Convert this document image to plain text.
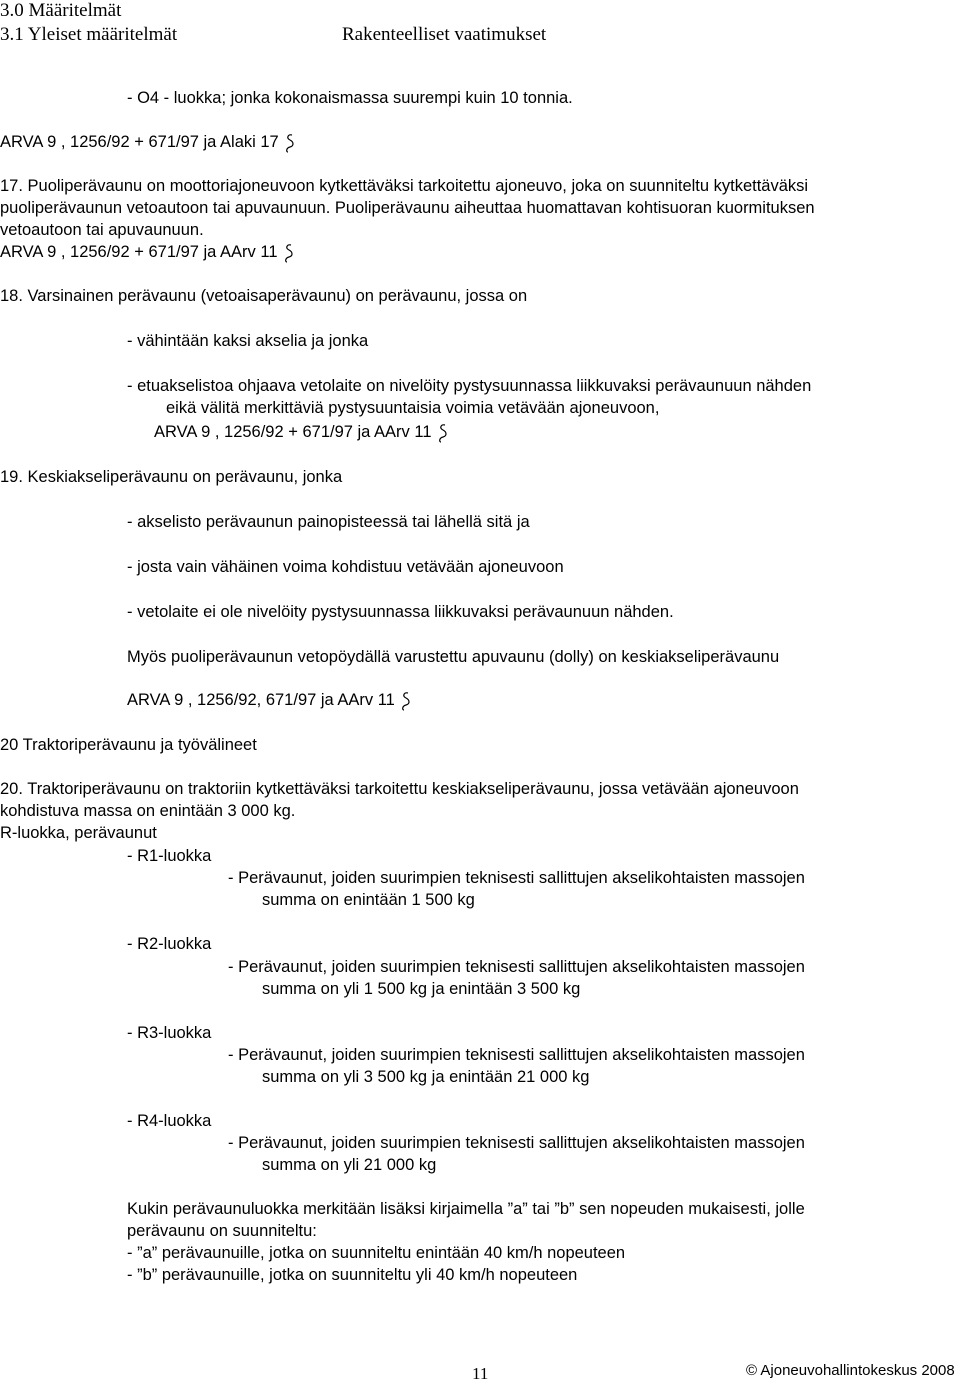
3.0 Määritelmät
3.1 Yleiset määritelmät	Rakenteelliset vaatimukset
- O4 - luokka; jonka kokonaismassa suurempi kuin 10 tonnia.
ARVA 9 , 1256/92 + 671/97 ja Alaki 17
17. Puoliperävaunu on moottoriajoneuvoon kytkettäväksi tarkoitettu ajoneuvo, joka on suunniteltu kytkettäväksi
puoliperävaunun vetoautoon tai apuvaunuun. Puoliperävaunu aiheuttaa huomattavan kohtisuoran kuormituksen
vetoautoon tai apuvaunuun.
ARVA 9 , 1256/92 + 671/97 ja AArv 11
18. Varsinainen perävaunu (vetoaisaperävaunu) on perävaunu, jossa on
- vähintään kaksi akselia ja jonka
- etuakselistoa ohjaava vetolaite on nivelöity pystysuunnassa liikkuvaksi perävaunuun nähden
eikä välitä merkittäviä pystysuuntaisia voimia vetävään ajoneuvoon,
ARVA 9 , 1256/92 + 671/97 ja AArv 11
19. Keskiakseliperävaunu on perävaunu, jonka
- akselisto perävaunun painopisteessä tai lähellä sitä ja
- josta vain vähäinen voima kohdistuu vetävään ajoneuvoon
- vetolaite ei ole nivelöity pystysuunnassa liikkuvaksi perävaunuun nähden.
Myös puoliperävaunun vetopöydällä varustettu apuvaunu (dolly) on keskiakseliperävaunu
ARVA 9 , 1256/92, 671/97 ja AArv 11
20 Traktoriperävaunu ja työvälineet
20. Traktoriperävaunu on traktoriin kytkettäväksi tarkoitettu keskiakseliperävaunu, jossa vetävään ajoneuvoon
kohdistuva massa on enintään 3 000 kg.
R-luokka, perävaunut
- R1-luokka
- Perävaunut, joiden suurimpien teknisesti sallittujen akselikohtaisten massojen
summa on enintään 1 500 kg
- R2-luokka
- Perävaunut, joiden suurimpien teknisesti sallittujen akselikohtaisten massojen
summa on yli 1 500 kg ja enintään 3 500 kg
- R3-luokka
- Perävaunut, joiden suurimpien teknisesti sallittujen akselikohtaisten massojen
summa on yli 3 500 kg ja enintään 21 000 kg
- R4-luokka
- Perävaunut, joiden suurimpien teknisesti sallittujen akselikohtaisten massojen
summa on yli 21 000 kg
Kukin perävaunuluokka merkitään lisäksi kirjaimella ”a” tai ”b” sen nopeuden mukaisesti, jolle
perävaunu on suunniteltu:
- ”a” perävaunuille, jotka on suunniteltu enintään 40 km/h nopeuteen
- ”b” perävaunuille, jotka on suunniteltu yli 40 km/h nopeuteen
11	© Ajoneuvohallintokeskus 2008
